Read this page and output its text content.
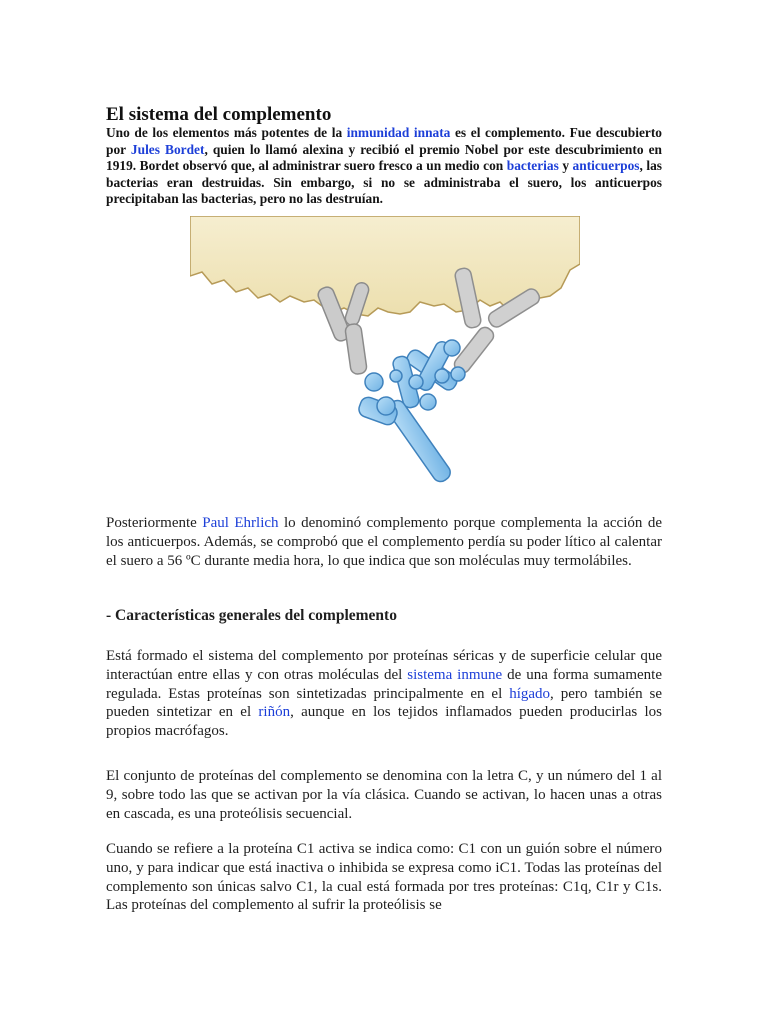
El sistema del complemento

Uno de los elementos más potentes de la inmunidad innata es el complemento. Fue descubierto por Jules Bordet, quien lo llamó alexina y recibió el premio Nobel por este descubrimiento en 1919. Bordet observó que, al administrar suero fresco a un medio con bacterias y anticuerpos, las bacterias eran destruidas. Sin embargo, si no se administraba el suero, los anticuerpos precipitaban las bacterias, pero no las destruían.

Posteriormente Paul Ehrlich lo denominó complemento porque complementa la acción de los anticuerpos. Además, se comprobó que el complemento perdía su poder lítico al calentar el suero a 56 ºC durante media hora, lo que indica que son moléculas muy termolábiles.

- Características generales del complemento

Está formado el sistema del complemento por proteínas séricas y de superficie celular que interactúan entre ellas y con otras moléculas del sistema inmune de una forma sumamente regulada. Estas proteínas son sintetizadas principalmente en el hígado, pero también se pueden sintetizar en el riñón, aunque en los tejidos inflamados pueden producirlas los propios macrófagos.

El conjunto de proteínas del complemento se denomina con la letra C, y un número del 1 al 9, sobre todo las que se activan por la vía clásica. Cuando se activan, lo hacen unas a otras en cascada, es una proteólisis secuencial.

Cuando se refiere a la proteína C1 activa se indica como: C1 con un guión sobre el número uno, y para indicar que está inactiva o inhibida se expresa como iC1. Todas las proteínas del complemento son únicas salvo C1, la cual está formada por tres proteínas: C1q, C1r y C1s. Las proteínas del complemento al sufrir la proteólisis se
